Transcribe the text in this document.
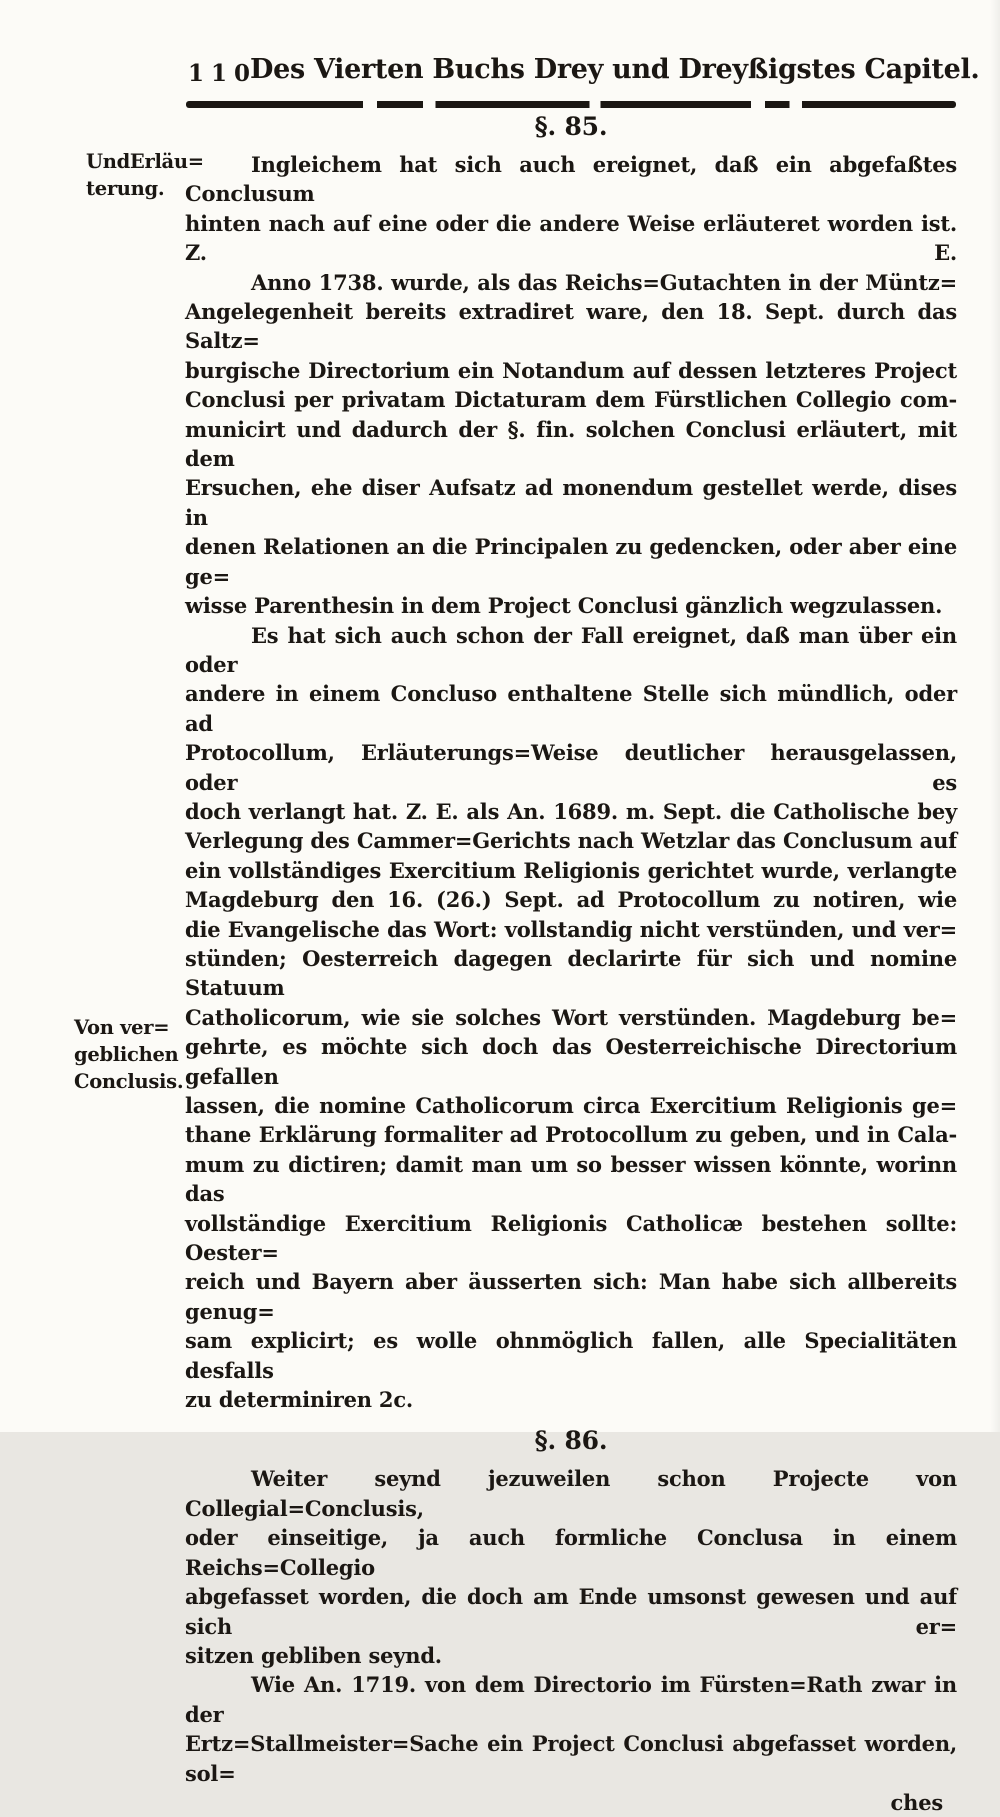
110
Des Vierten Buchs Drey und Dreyßigstes Capitel.
UndErläu=
terung.
Von ver=
geblichen
Conclusis.
§. 85.
Ingleichem hat sich auch ereignet, daß ein abgefaßtes Conclusum
hinten nach auf eine oder die andere Weise erläuteret worden ist. Z. E.
Anno 1738. wurde, als das Reichs=Gutachten in der Müntz=
Angelegenheit bereits extradiret ware, den 18. Sept. durch das Saltz=
burgische Directorium ein Notandum auf dessen letzteres Project
Conclusi per privatam Dictaturam dem Fürstlichen Collegio com-
municirt und dadurch der §. fin. solchen Conclusi erläutert, mit dem
Ersuchen, ehe diser Aufsatz ad monendum gestellet werde, dises in
denen Relationen an die Principalen zu gedencken, oder aber eine ge=
wisse Parenthesin in dem Project Conclusi gänzlich wegzulassen.
Es hat sich auch schon der Fall ereignet, daß man über ein oder
andere in einem Concluso enthaltene Stelle sich mündlich, oder ad
Protocollum, Erläuterungs=Weise deutlicher herausgelassen, oder es
doch verlangt hat. Z. E. als An. 1689. m. Sept. die Catholische bey
Verlegung des Cammer=Gerichts nach Wetzlar das Conclusum auf
ein vollständiges Exercitium Religionis gerichtet wurde, verlangte
Magdeburg den 16. (26.) Sept. ad Protocollum zu notiren, wie
die Evangelische das Wort: vollstandig nicht verstünden, und ver=
stünden; Oesterreich dagegen declarirte für sich und nomine Statuum
Catholicorum, wie sie solches Wort verstünden. Magdeburg be=
gehrte, es möchte sich doch das Oesterreichische Directorium gefallen
lassen, die nomine Catholicorum circa Exercitium Religionis ge=
thane Erklärung formaliter ad Protocollum zu geben, und in Cala-
mum zu dictiren; damit man um so besser wissen könnte, worinn das
vollständige Exercitium Religionis Catholicæ bestehen sollte: Oester=
reich und Bayern aber äusserten sich: Man habe sich allbereits genug=
sam explicirt; es wolle ohnmöglich fallen, alle Specialitäten desfalls
zu determiniren 2c.
§. 86.
Weiter seynd jezuweilen schon Projecte von Collegial=Conclusis,
oder einseitige, ja auch formliche Conclusa in einem Reichs=Collegio
abgefasset worden, die doch am Ende umsonst gewesen und auf sich er=
sitzen gebliben seynd.
Wie An. 1719. von dem Directorio im Fürsten=Rath zwar in der
Ertz=Stallmeister=Sache ein Project Conclusi abgefasset worden, sol=
ches
